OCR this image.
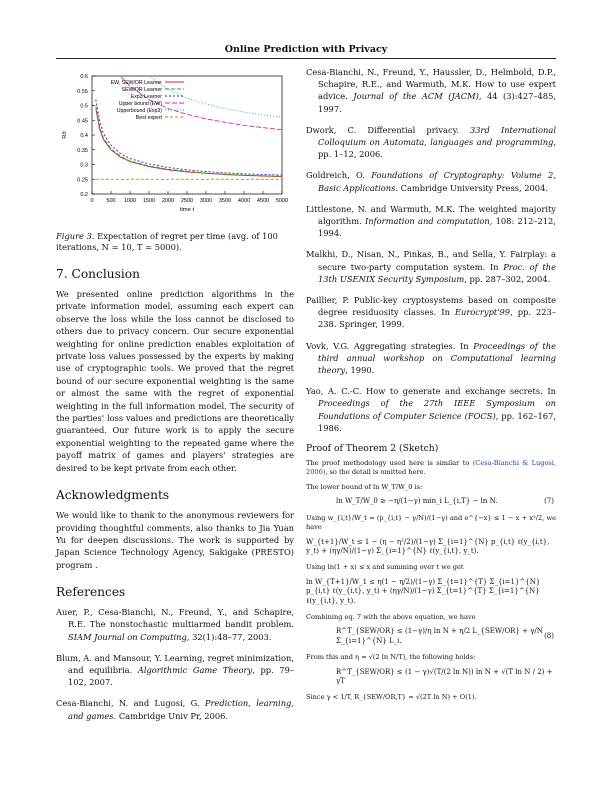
Online Prediction with Privacy
0.2
0.25
0.3
0.35
0.4
0.45
0.5
0.55
0.6
0 500 1000 1500 2000 2500 3000 3500 4000 4500 5000
time t
R/t
EW, SEW/OR Learner
SEW/OR Learner
Exp3 Learner
Upper bound (EW)
Upperbound (Exp3)
Best expert
Figure 3. Expectation of regret per time (avg. of 100 iterations, N = 10, T = 5000).
7. Conclusion
We presented online prediction algorithms in the private information model, assuming each expert can observe the loss while the loss cannot be disclosed to others due to privacy concern. Our secure exponential weighting for online prediction enables exploitation of private loss values possessed by the experts by making use of cryptographic tools. We proved that the regret bound of our secure exponential weighting is the same or almost the same with the regret of exponential weighting in the full information model. The security of the parties' loss values and predictions are theoretically guaranteed. Our future work is to apply the secure exponential weighting to the repeated game where the payoff matrix of games and players' strategies are desired to be kept private from each other.
Acknowledgments
We would like to thank to the anonymous reviewers for providing thoughtful comments, also thanks to Jia Yuan Yu for deepen discussions. The work is supported by Japan Science Technology Agency, Sakigake (PRESTO) program .
References
Auer, P., Cesa-Bianchi, N., Freund, Y., and Schapire, R.E. The nonstochastic multiarmed bandit problem. SIAM Journal on Computing, 32(1):48–77, 2003.
Blum, A. and Mansour, Y. Learning, regret minimization, and equilibria. Algorithmic Game Theory, pp. 79–102, 2007.
Cesa-Bianchi, N. and Lugosi, G. Prediction, learning, and games. Cambridge Univ Pr, 2006.
Cesa-Bianchi, N., Freund, Y., Haussler, D., Helmbold, D.P., Schapire, R.E., and Warmuth, M.K. How to use expert advice. Journal of the ACM (JACM), 44 (3):427–485, 1997.
Dwork, C. Differential privacy. 33rd International Colloquium on Automata, languages and programming, pp. 1–12, 2006.
Goldreich, O. Foundations of Cryptography: Volume 2, Basic Applications. Cambridge University Press, 2004.
Littlestone, N. and Warmuth, M.K. The weighted majority algorithm. Information and computation, 108: 212–212, 1994.
Malkhi, D., Nisan, N., Pinkas, B., and Sella, Y. Fairplay: a secure two-party computation system. In Proc. of the 13th USENIX Security Symposium, pp. 287–302, 2004.
Paillier, P. Public-key cryptosystems based on composite degree residuosity classes. In Eurocrypt'99, pp. 223–238. Springer, 1999.
Vovk, V.G. Aggregating strategies. In Proceedings of the third annual workshop on Computational learning theory, 1990.
Yao, A. C.-C. How to generate and exchange secrets. In Proceedings of the 27th IEEE Symposium on Foundations of Computer Science (FOCS), pp. 162–167, 1986.
Proof of Theorem 2 (Sketch)

The proof methodology used here is similar to (Cesa-Bianchi & Lugosi, 2006), so the detail is omitted here.

The lower bound of ln W_T/W_0 is:

ln W_T/W_0 ≥ −η/(1−γ) min_i L_{i,T} − ln N.	(7)

Using w_{i,t}/W_t = (p_{i,t} − γ/N)/(1−γ) and e^{−x} ≤ 1 − x + x²/2, we have

W_{t+1}/W_t ≤ 1 − (η − η²/2)/(1−γ) Σ_{i=1}^{N} p_{i,t} ℓ(y_{i,t}, y_t) + (ηγ/N)/(1−γ) Σ_{i=1}^{N} ℓ(y_{i,t}, y_t).

Using ln(1 + x) ≤ x and summing over t we get

ln W_{T+1}/W_1 ≤ η(1 − η/2)/(1−γ) Σ_{t=1}^{T} Σ_{i=1}^{N} p_{i,t} ℓ(y_{i,t}, y_t) + (ηγ/N)/(1−γ) Σ_{t=1}^{T} Σ_{i=1}^{N} ℓ(y_{i,t}, y_t).

Combining eq. 7 with the above equation, we have

R^T_{SEW/OR} ≤ (1−γ)/η ln N + η/2 L_{SEW/OR} + γ/N Σ_{i=1}^{N} L_i.
(8)

From this and η = √(2 ln N/T), the following holds:

R^T_{SEW/OR} ≤ (1 − γ)√(T/(2 ln N)) ln N + √(T ln N / 2) + γT

Since γ < 1/T, R_{SEW/OR,T} = √(2T ln N) + O(1).
